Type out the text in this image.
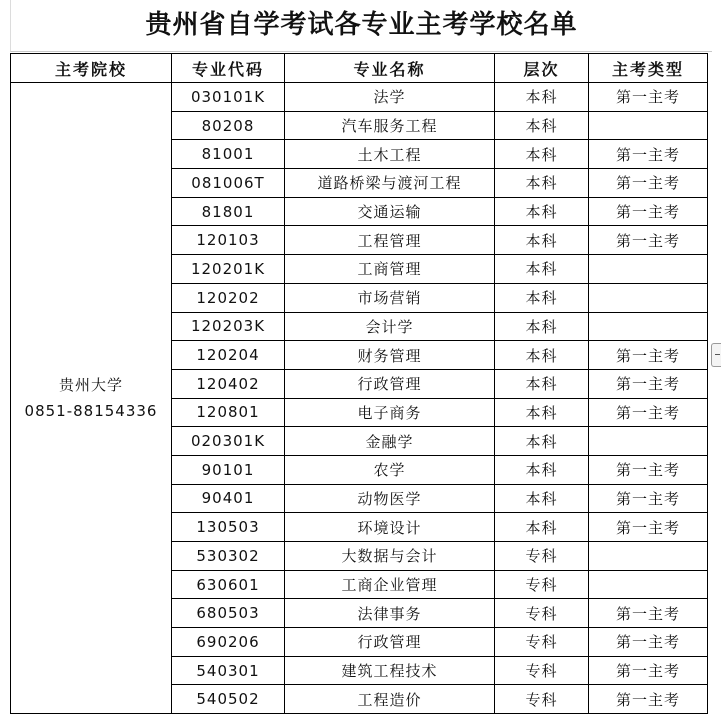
贵州省自学考试各专业主考学校名单
主考院校	专业代码	专业名称	层次	主考类型

贵州大学
0851-88154336	030101K	法学	本科	第一主考
	80208	汽车服务工程	本科	
	81001	土木工程	本科	第一主考
	081006T	道路桥梁与渡河工程	本科	第一主考
	81801	交通运输	本科	第一主考
	120103	工程管理	本科	第一主考
	120201K	工商管理	本科	
	120202	市场营销	本科	
	120203K	会计学	本科	
	120204	财务管理	本科	第一主考
	120402	行政管理	本科	第一主考
	120801	电子商务	本科	第一主考
	020301K	金融学	本科	
	90101	农学	本科	第一主考
	90401	动物医学	本科	第一主考
	130503	环境设计	本科	第一主考
	530302	大数据与会计	专科	
	630601	工商企业管理	专科	
	680503	法律事务	专科	第一主考
	690206	行政管理	专科	第一主考
	540301	建筑工程技术	专科	第一主考
	540502	工程造价	专科	第一主考
